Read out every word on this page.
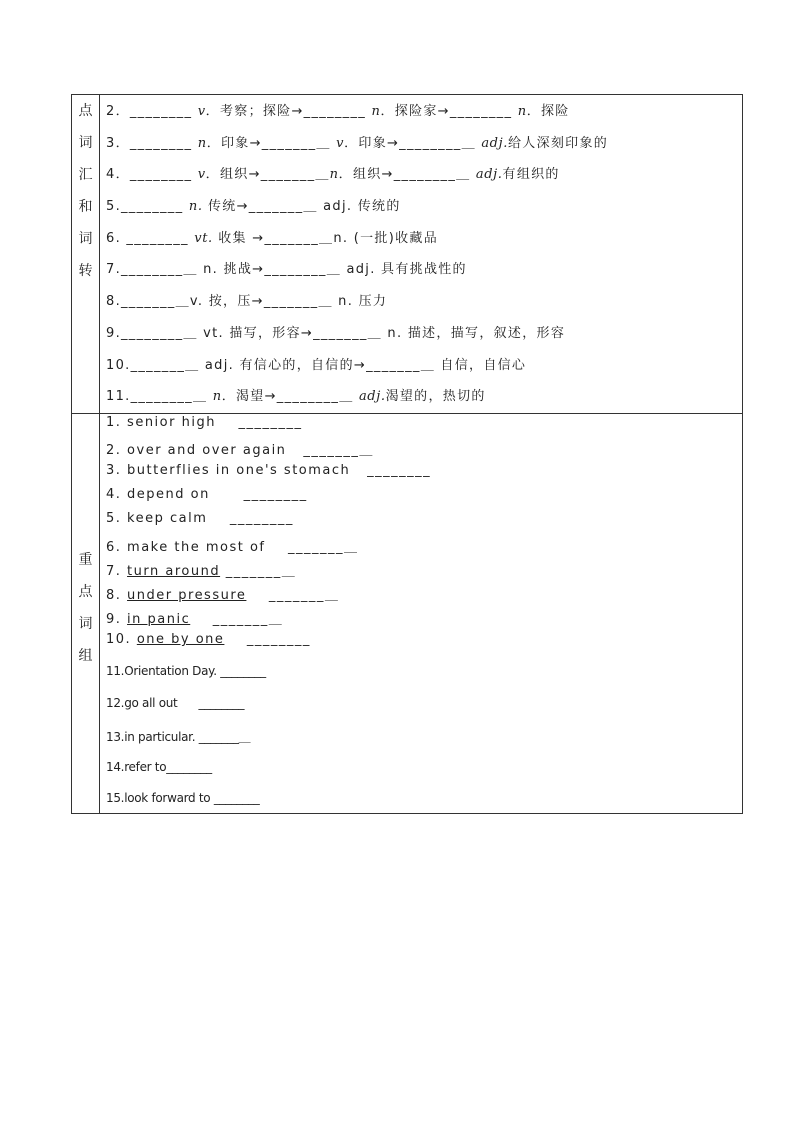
点
词
汇
和
词
转
重
点
词
组
2．________ v．考察；探险→________ n．探险家→________ n．探险
3．________ n．印象→_______＿ v．印象→________＿ adj.给人深刻印象的
4．________ v．组织→_______＿n．组织→________＿ adj.有组织的
5.________ n. 传统→_______＿ adj. 传统的
6. ________ vt. 收集 →_______＿n. (一批)收藏品
7.________＿ n. 挑战→________＿ adj. 具有挑战性的
8._______＿v. 按，压→_______＿ n. 压力
9.________＿ vt. 描写，形容→_______＿ n. 描述，描写，叙述，形容
10._______＿ adj. 有信心的，自信的→_______＿ 自信，自信心
11.________＿ n．渴望→________＿ adj.渴望的，热切的
1. senior high    ________
2. over and over again   _______＿
3. butterflies in one's stomach   ________
4. depend on      ________
5. keep calm    ________
6. make the most of    _______＿
7. turn around _______＿
8. under pressure    _______＿
9. in panic    _______＿
10. one by one    ________
11.Orientation Day. ________
12.go all out      ________
13.in particular. _______＿
14.refer to________
15.look forward to ________
